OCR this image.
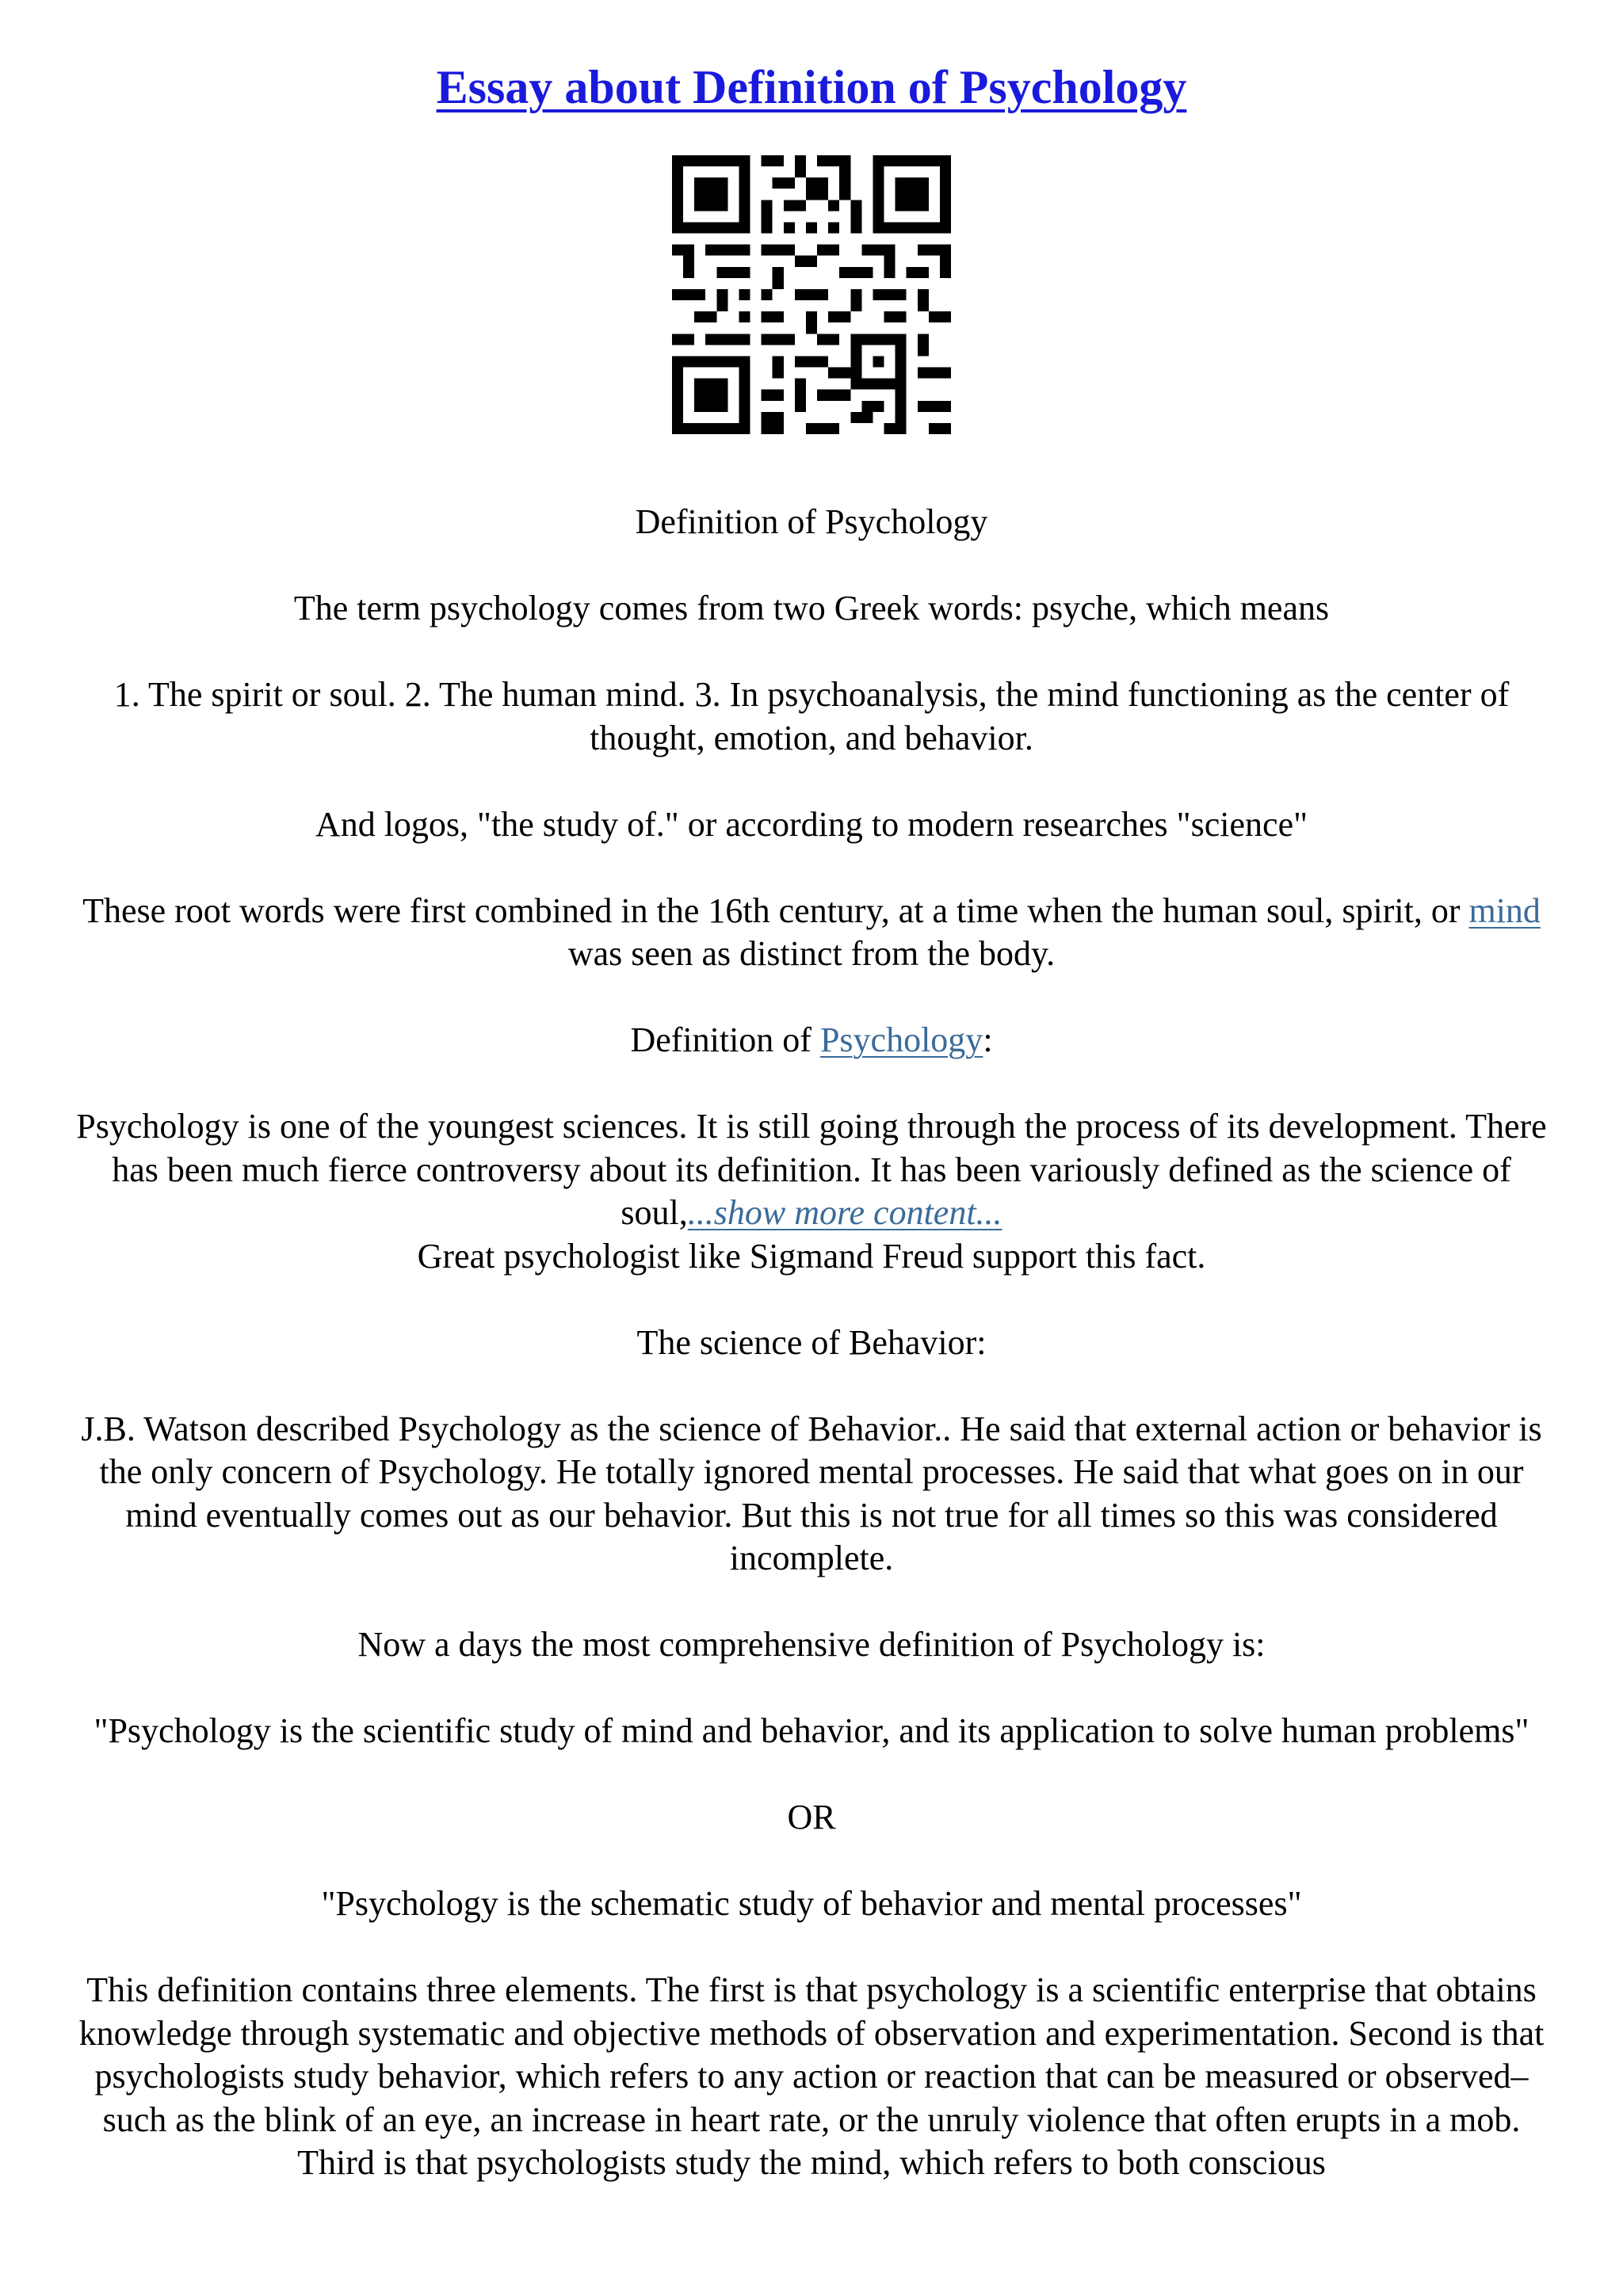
Essay about Definition of Psychology

Definition of Psychology

The term psychology comes from two Greek words: psyche, which means

1. The spirit or soul. 2. The human mind. 3. In psychoanalysis, the mind functioning as the center of thought, emotion, and behavior.

And logos, "the study of." or according to modern researches "science"

These root words were first combined in the 16th century, at a time when the human soul, spirit, or mind was seen as distinct from the body.

Definition of Psychology:

Psychology is one of the youngest sciences. It is still going through the process of its development. There has been much fierce controversy about its definition. It has been variously defined as the science of soul,...show more content...

Great psychologist like Sigmand Freud support this fact.

The science of Behavior:

J.B. Watson described Psychology as the science of Behavior.. He said that external action or behavior is the only concern of Psychology. He totally ignored mental processes. He said that what goes on in our mind eventually comes out as our behavior. But this is not true for all times so this was considered incomplete.

Now a days the most comprehensive definition of Psychology is:

"Psychology is the scientific study of mind and behavior, and its application to solve human problems"

OR

"Psychology is the schematic study of behavior and mental processes"

This definition contains three elements. The first is that psychology is a scientific enterprise that obtains knowledge through systematic and objective methods of observation and experimentation. Second is that psychologists study behavior, which refers to any action or reaction that can be measured or observed–such as the blink of an eye, an increase in heart rate, or the unruly violence that often erupts in a mob. Third is that psychologists study the mind, which refers to both conscious
